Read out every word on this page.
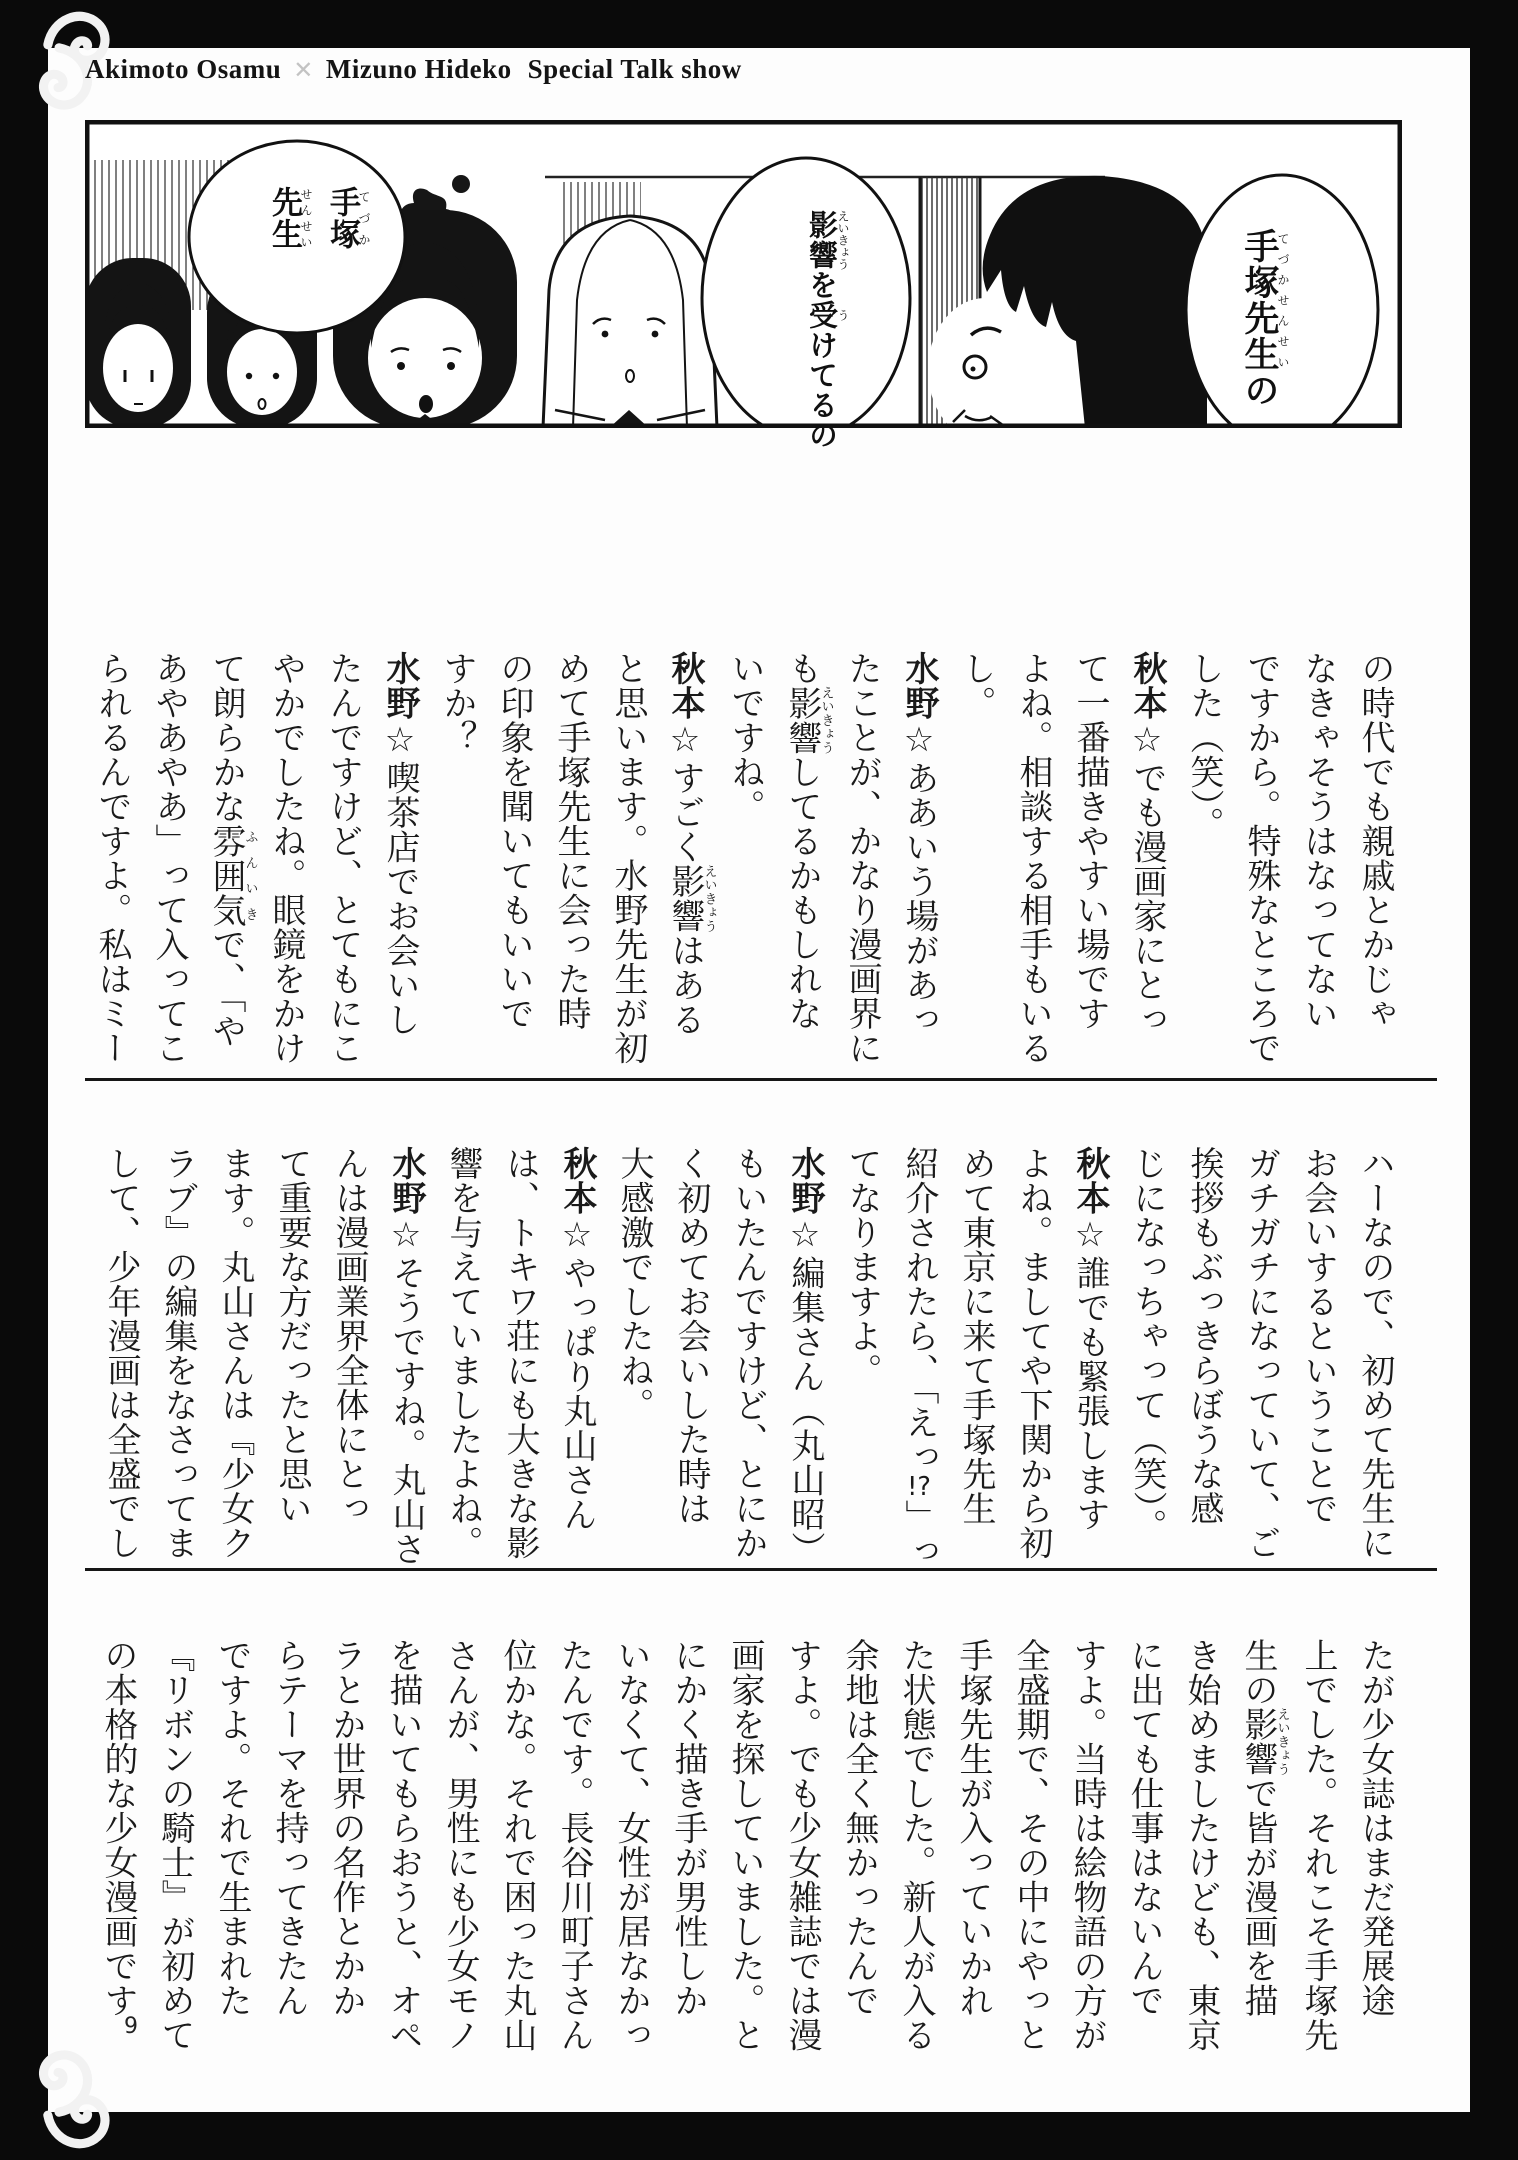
Akimoto Osamu ✕ Mizuno Hideko Special Talk show
手塚てづか
先生せんせい	影響えいきょうを受うけてるの
手塚先生てづかせんせいの
の時代でも親戚とかじゃ
なきゃそうはなってない
ですから。特殊なところで
した（笑）。
秋本☆でも漫画家にとっ
て一番描きやすい場です
よね。相談する相手もいる
し。
水野☆ああいう場があっ
たことが、かなり漫画界に
も影響えいきょうしてるかもしれな
いですね。
秋本☆すごく影響えいきょうはある
と思います。水野先生が初
めて手塚先生に会った時
の印象を聞いてもいいで
すか？
水野☆喫茶店でお会いし
たんですけど、とてもにこ
やかでしたね。眼鏡をかけ
て朗らかな雰囲気ふんいきで、「や
あやあやあ」って入ってこ
られるんですよ。私はミー
ハーなので、初めて先生に
お会いするということで
ガチガチになっていて、ご
挨拶もぶっきらぼうな感
じになっちゃって（笑）。
秋本☆誰でも緊張します
よね。ましてや下関から初
めて東京に来て手塚先生
紹介されたら、「えっ!?」っ
てなりますよ。
水野☆編集さん（丸山昭）
もいたんですけど、とにか
く初めてお会いした時は
大感激でしたね。
秋本☆やっぱり丸山さん
は、トキワ荘にも大きな影
響を与えていましたよね。
水野☆そうですね。丸山さ
んは漫画業界全体にとっ
て重要な方だったと思い
ます。丸山さんは『少女ク
ラブ』の編集をなさってま
して、少年漫画は全盛でし
たが少女誌はまだ発展途
上でした。それこそ手塚先
生の影響えいきょうで皆が漫画を描
き始めましたけども、東京
に出ても仕事はないんで
すよ。当時は絵物語の方が
全盛期で、その中にやっと
手塚先生が入っていかれ
た状態でした。新人が入る
余地は全く無かったんで
すよ。でも少女雑誌では漫
画家を探していました。と
にかく描き手が男性しか
いなくて、女性が居なかっ
たんです。長谷川町子さん
位かな。それで困った丸山
さんが、男性にも少女モノ
を描いてもらおうと、オペ
ラとか世界の名作とかか
らテーマを持ってきたん
ですよ。それで生まれた
『リボンの騎士』が初めて
の本格的な少女漫画です
9
